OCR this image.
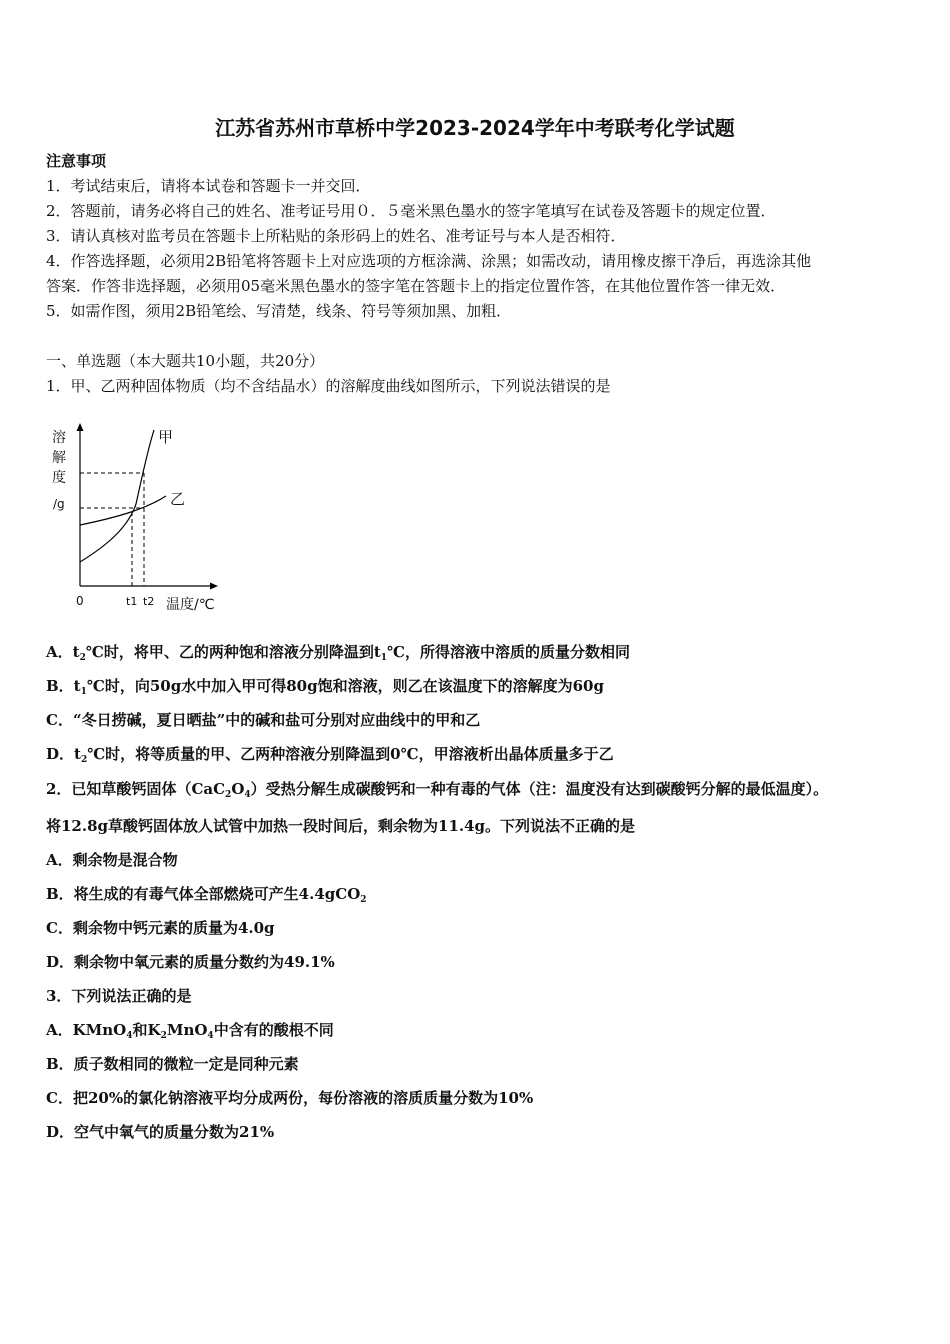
江苏省苏州市草桥中学2023-2024学年中考联考化学试题
注意事项
1．考试结束后，请将本试卷和答题卡一并交回．
2．答题前，请务必将自己的姓名、准考证号用０．５毫米黑色墨水的签字笔填写在试卷及答题卡的规定位置．
3．请认真核对监考员在答题卡上所粘贴的条形码上的姓名、准考证号与本人是否相符．
4．作答选择题，必须用2B铅笔将答题卡上对应选项的方框涂满、涂黑；如需改动，请用橡皮擦干净后，再选涂其他
答案．作答非选择题，必须用05毫米黑色墨水的签字笔在答题卡上的指定位置作答，在其他位置作答一律无效．
5．如需作图，须用2B铅笔绘、写清楚，线条、符号等须加黑、加粗．
一、单选题（本大题共10小题，共20分）
1．甲、乙两种固体物质（均不含结晶水）的溶解度曲线如图所示，下列说法错误的是
溶
解
度
/g
0	t1 t2 温度/℃
甲
乙
A．$t_2℃$时，将甲、乙的两种饱和溶液分别降温到$t_1℃$，所得溶液中溶质的质量分数相同
B．$t_1℃$时，向50g水中加入甲可得80g饱和溶液，则乙在该温度下的溶解度为60g
C．“冬日捞碱，夏日晒盐”中的碱和盐可分别对应曲线中的甲和乙
D．$t_2℃$时，将等质量的甲、乙两种溶液分别降温到0℃，甲溶液析出晶体质量多于乙
2．已知草酸钙固体$(CaC_2O_4)$受热分解生成碳酸钙和一种有毒的气体（注：温度没有达到碳酸钙分解的最低温度）。
将12.8g草酸钙固体放人试管中加热一段时间后，剩余物为11.4g。下列说法不正确的是
A．剩余物是混合物
B．将生成的有毒气体全部燃烧可产生4.4gCO$_2$
C．剩余物中钙元素的质量为4.0g
D．剩余物中氧元素的质量分数约为49.1%
3．下列说法正确的是
A．KMnO$_4$和$K_2MnO_4$中含有的酸根不同
B．质子数相同的微粒一定是同种元素
C．把20%的氯化钠溶液平均分成两份，每份溶液的溶质质量分数为10%
D．空气中氧气的质量分数为21%
